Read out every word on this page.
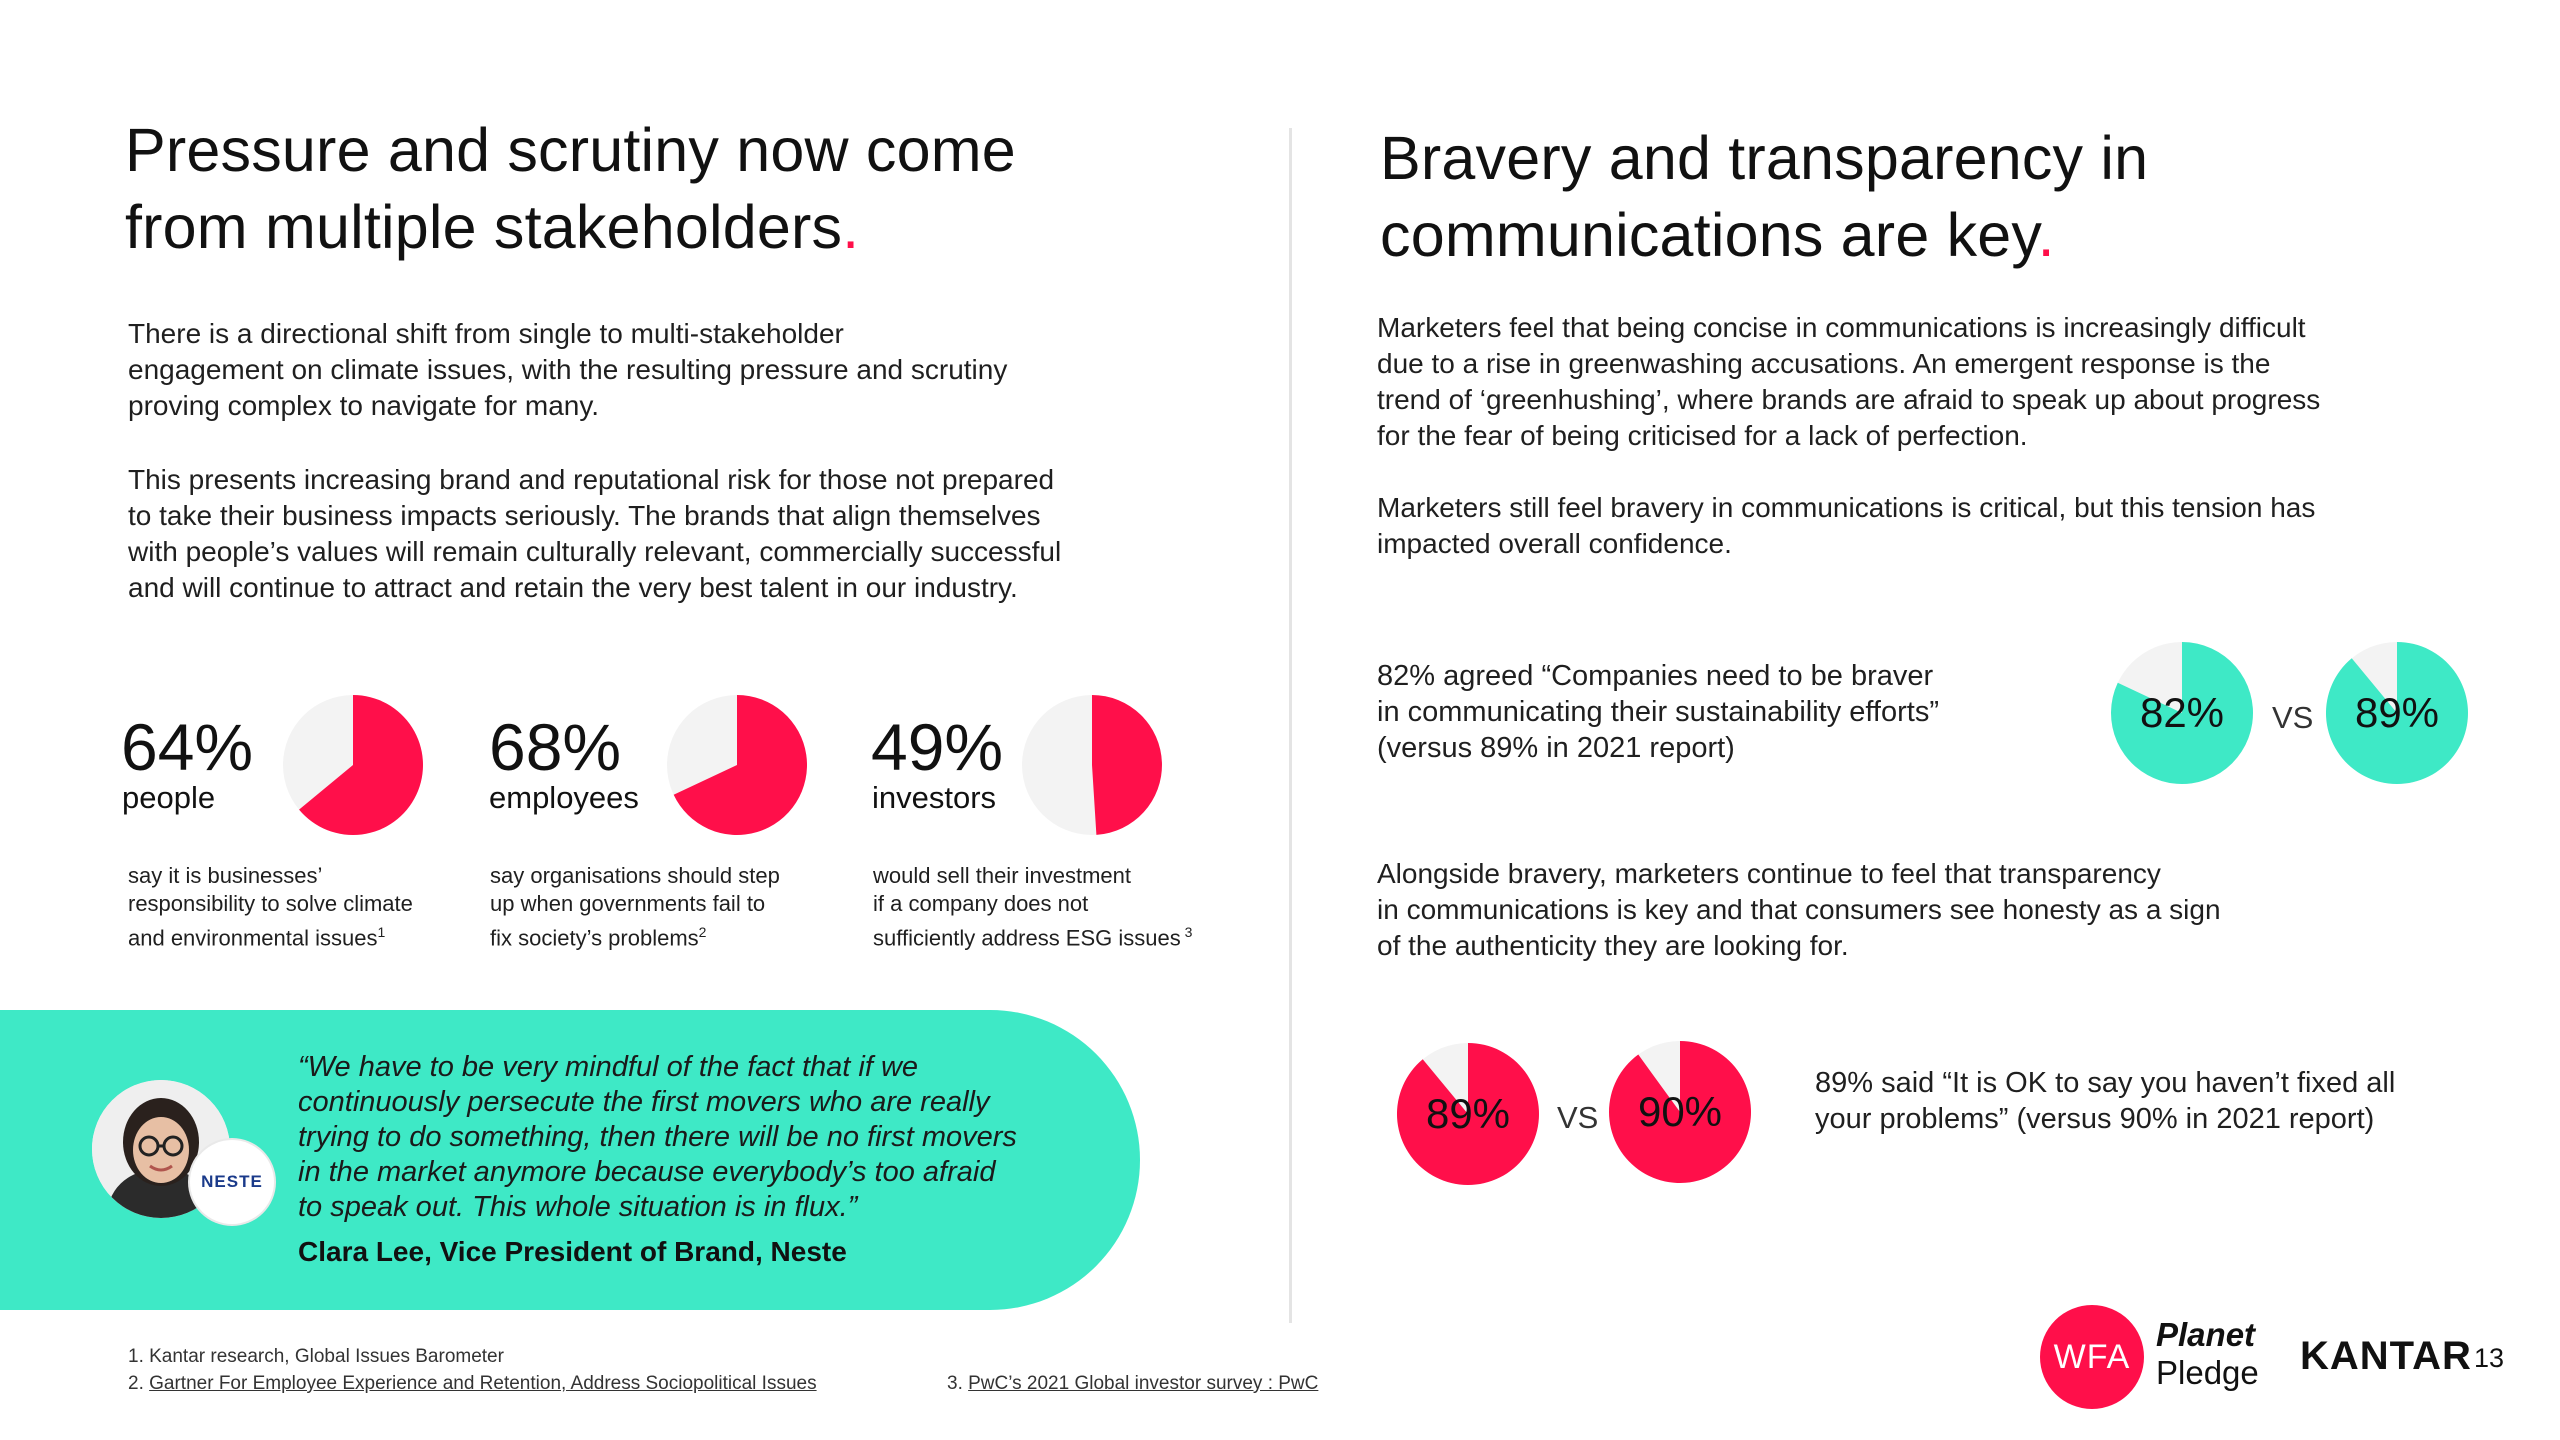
Pressure and scrutiny now come
from multiple stakeholders.
There is a directional shift from single to multi-stakeholder
engagement on climate issues, with the resulting pressure and scrutiny
proving complex to navigate for many.
This presents increasing brand and reputational risk for those not prepared
to take their business impacts seriously. The brands that align themselves
with people’s values will remain culturally relevant, commercially successful
and will continue to attract and retain the very best talent in our industry.
64%
people
say it is businesses’
responsibility to solve climate
and environmental issues$^1$
68%
employees
say organisations should step
up when governments fail to
fix society’s problems$^2$
49%
investors
would sell their investment
if a company does not
sufficiently address ESG issues $^3$
NESTE
“We have to be very mindful of the fact that if we
continuously persecute the first movers who are really
trying to do something, then there will be no first movers
in the market anymore because everybody’s too afraid
to speak out. This whole situation is in flux.”
Clara Lee, Vice President of Brand, Neste
Bravery and transparency in
communications are key.
Marketers feel that being concise in communications is increasingly difficult
due to a rise in greenwashing accusations. An emergent response is the
trend of ‘greenhushing’, where brands are afraid to speak up about progress
for the fear of being criticised for a lack of perfection.
Marketers still feel bravery in communications is critical, but this tension has
impacted overall confidence.
82% agreed “Companies need to be braver
in communicating their sustainability efforts”
(versus 89% in 2021 report)
82%	VS 89%
Alongside bravery, marketers continue to feel that transparency
in communications is key and that consumers see honesty as a sign
of the authenticity they are looking for.
89%	VS 90%
89% said “It is OK to say you haven’t fixed all
your problems” (versus 90% in 2021 report)
1. Kantar research, Global Issues Barometer
2. Gartner For Employee Experience and Retention, Address Sociopolitical Issues	3. PwC’s 2021 Global investor survey : PwC
WFA
Planet
Pledge KANTAR 13
